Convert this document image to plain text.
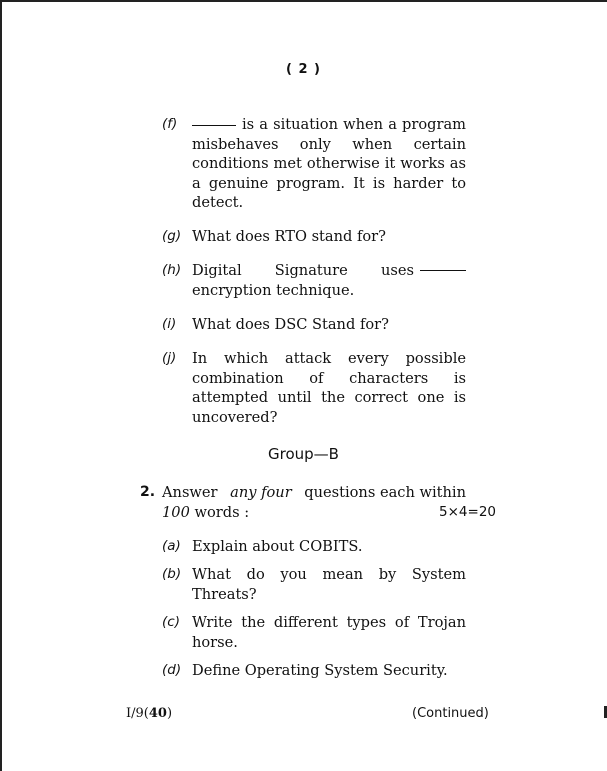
( 2 )
(f)	is a situation when a program misbehaves only when certain conditions met otherwise it works as a genuine program. It is harder to detect.
(g) What does RTO stand for?
(h) Digital Signature uses
encryption technique.
(i) What does DSC Stand for?
(j) In which attack every possible combination of characters is attempted until the correct one is uncovered?
Group—B
2. Answer any four questions each within
100 words :	5×4=20
(a) Explain about COBITS.
(b) What do you mean by System Threats?
(c) Write the different types of Trojan horse.
(d) Define Operating System Security.
I/9(40)	(Continued)
